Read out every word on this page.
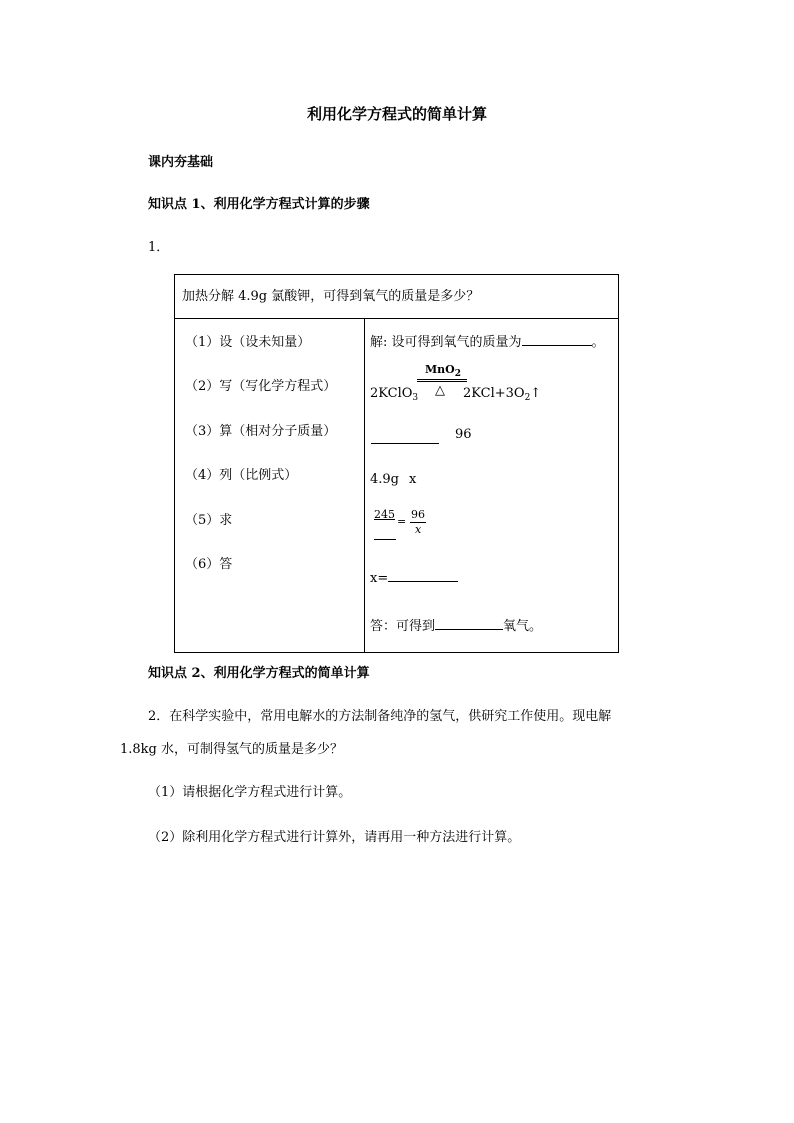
利用化学方程式的简单计算
课内夯基础
知识点 1、利用化学方程式计算的步骤
1．
加热分解 4.9g 氯酸钾，可得到氧气的质量是多少？

（1）设（设未知量）
（2）写（写化学方程式）
（3）算（相对分子质量）
（4）列（比例式）
（5）求
（6）答

解: 设可得到氧气的质量为	。
MnO$_2$
△
2KClO$_3$	$2KCl+3O_2↑$
96
4.9g x
245
=
96
x
x=
答：可得到	氧气。
知识点 2、利用化学方程式的简单计算
2．在科学实验中，常用电解水的方法制备纯净的氢气，供研究工作使用。现电解
1.8kg 水，可制得氢气的质量是多少？
（1）请根据化学方程式进行计算。
（2）除利用化学方程式进行计算外，请再用一种方法进行计算。
